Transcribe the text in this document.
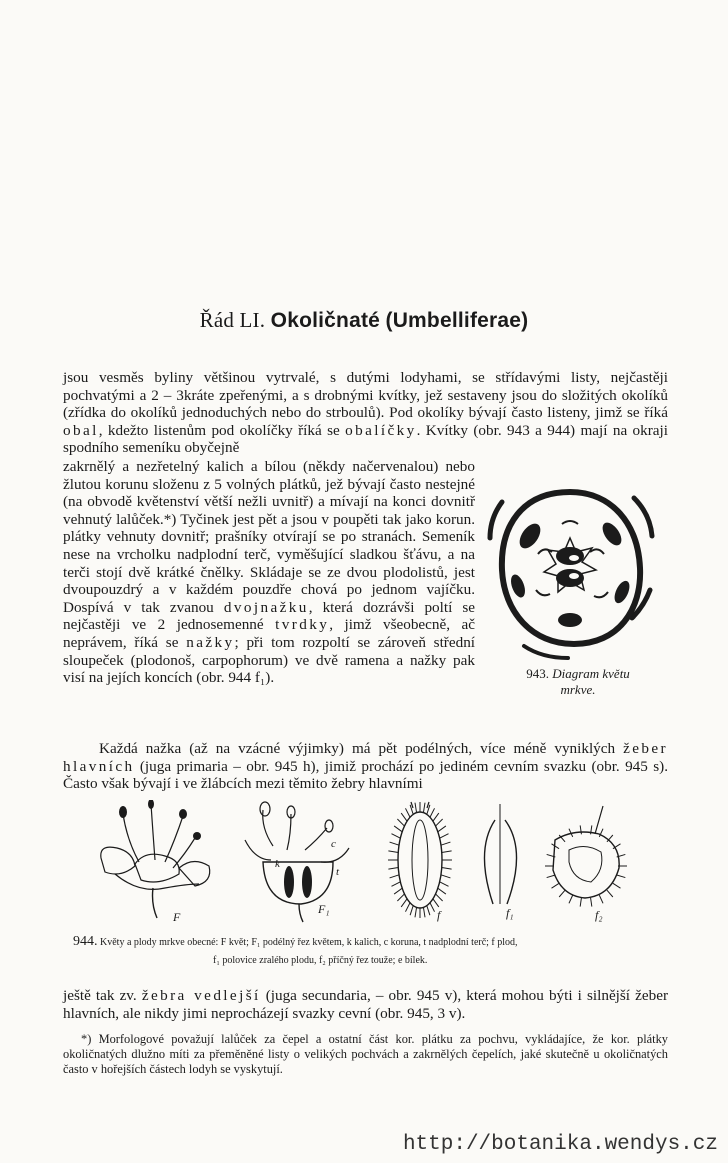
Řád LI. Okoličnaté (Umbelliferae)
jsou vesměs byliny většinou vytrvalé, s dutými lodyhami, se střídavými listy, nejčastěji pochvatými a 2 – 3kráte zpeřenými, a s drobnými kvítky, jež sestaveny jsou do složitých okolíků (zřídka do okolíků jednoduchých nebo do strboulů). Pod okolíky bývají často listeny, jimž se říká obal, kdežto listenům pod okolíčky říká se obalíčky. Kvítky (obr. 943 a 944) mají na okraji spodního semeníku obyčejně
zakrnělý a nezřetelný kalich a bílou (někdy načervenalou) nebo žlutou korunu složenu z 5 volných plátků, jež bývají často nestejné (na obvodě květenství větší nežli uvnitř) a mívají na konci dovnitř vehnutý lalůček.*) Tyčinek jest pět a jsou v poupěti tak jako korun. plátky vehnuty dovnitř; prašníky otvírají se po stranách. Semeník nese na vrcholku nadplodní terč, vyměšující sladkou šťávu, a na terči stojí dvě krátké čnělky. Skládaje se ze dvou plodolistů, jest dvoupouzdrý a v každém pouzdře chová po jednom vajíčku. Dospívá v tak zvanou dvojnažku, která dozrávši poltí se nejčastěji ve 2 jednosemenné tvrdky, jimž všeobecně, ač neprávem, říká se nažky; při tom rozpoltí se zároveň střední sloupeček (plodonoš, carpophorum) ve dvě ramena a nažky pak visí na jejích koncích (obr. 944 f₁).	943. Diagram květu
mrkve.
Každá nažka (až na vzácné výjimky) má pět podélných, více méně vyniklých žeber hlavních (juga primaria – obr. 945 h), jimiž prochází po jediném cevním svazku (obr. 945 s). Často však bývají i ve žlábcích mezi těmito žebry hlavními
F
k
c
t
F₁	f	f₁	f₂
944. Květy a plody mrkve obecné: F květ; F₁ podélný řez květem, k kalich, c koruna, t nadplodní terč; f plod,
f₁ polovice zralého plodu, f₂ příčný řez touže; e bílek.
ještě tak zv. žebra vedlejší (juga secundaria, – obr. 945 v), která mohou býti i silnější žeber hlavních, ale nikdy jimi neprocházejí svazky cevní (obr. 945, 3 v).
*) Morfologové považují lalůček za čepel a ostatní část kor. plátku za pochvu, vykládajíce, že kor. plátky okoličnatých dlužno míti za přeměněné listy o velikých pochvách a zakrnělých čepelích, jaké skutečně u okoličnatých často v hořejších částech lodyh se vyskytují.
http://botanika.wendys.cz
